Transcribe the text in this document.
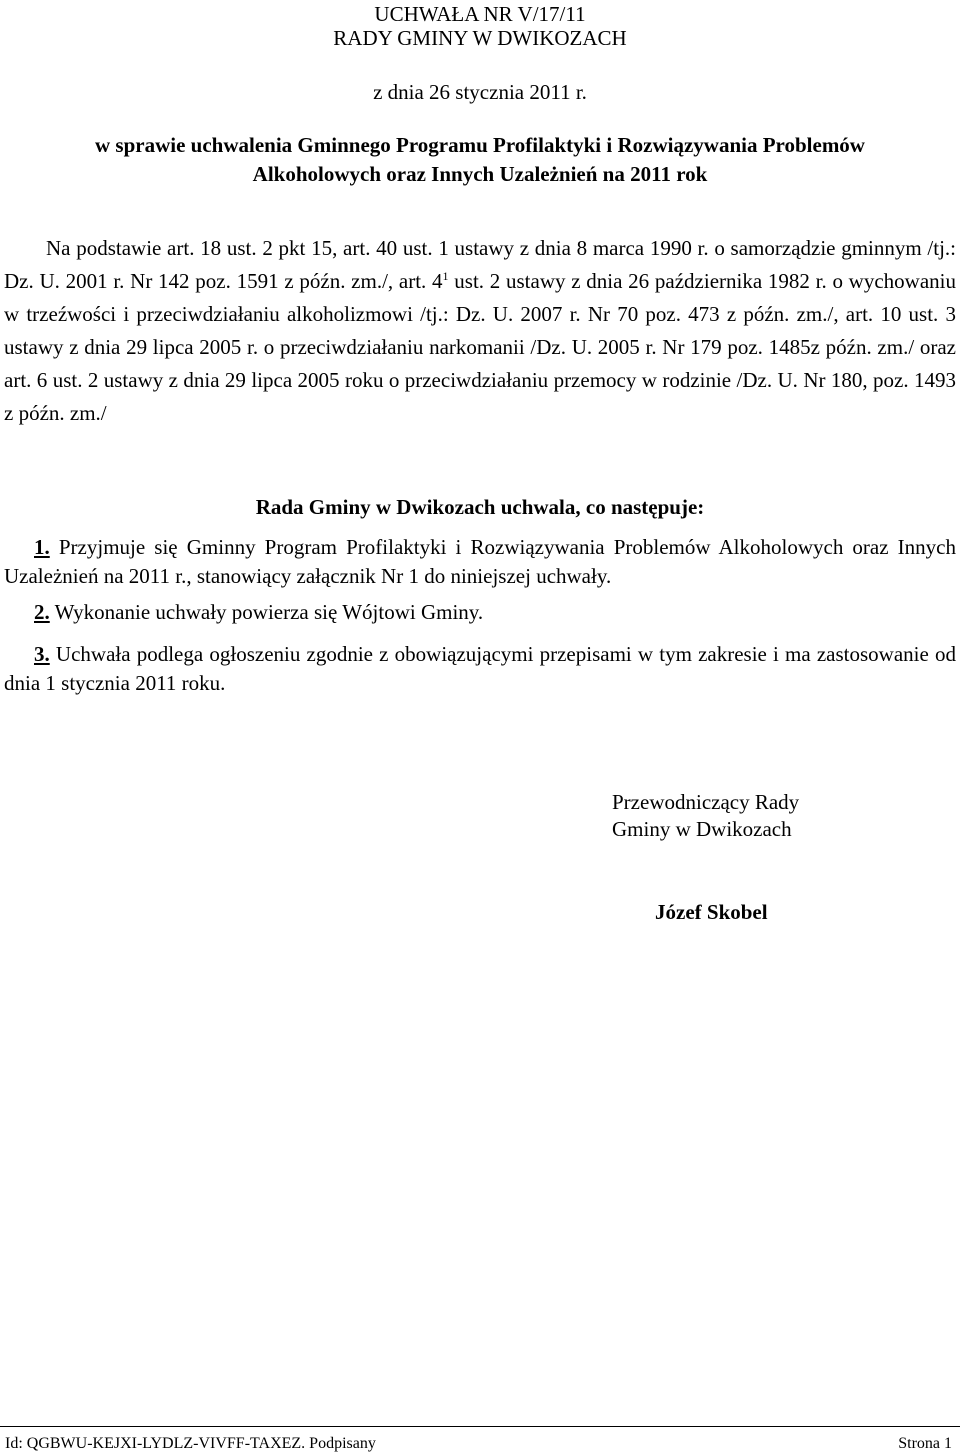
UCHWAŁA NR V/17/11
RADY GMINY W DWIKOZACH
z dnia 26 stycznia 2011 r.
w sprawie uchwalenia Gminnego Programu Profilaktyki i Rozwiązywania Problemów
Alkoholowych oraz Innych Uzależnień na 2011 rok
Na podstawie art. 18 ust. 2 pkt 15, art. 40 ust. 1 ustawy z dnia 8 marca 1990 r. o samorządzie gminnym /tj.: Dz. U. 2001 r. Nr 142 poz. 1591 z późn. zm./, art. $4^1$ ust. 2 ustawy z dnia 26 października 1982 r. o wychowaniu w trzeźwości i przeciwdziałaniu alkoholizmowi /tj.: Dz. U. 2007 r. Nr 70 poz. 473 z późn. zm./, art. 10 ust. 3 ustawy z dnia 29 lipca 2005 r. o przeciwdziałaniu narkomanii /Dz. U. 2005 r. Nr 179 poz. 1485z późn. zm./ oraz art. 6 ust. 2 ustawy z dnia 29 lipca 2005 roku o przeciwdziałaniu przemocy w rodzinie /Dz. U. Nr 180, poz. 1493 z późn. zm./
Rada Gminy w Dwikozach uchwala, co następuje:
1. Przyjmuje się Gminny Program Profilaktyki i Rozwiązywania Problemów Alkoholowych oraz Innych Uzależnień na 2011 r., stanowiący załącznik Nr 1 do niniejszej uchwały.
2. Wykonanie uchwały powierza się Wójtowi Gminy.
3. Uchwała podlega ogłoszeniu zgodnie z obowiązującymi przepisami w tym zakresie i ma zastosowanie od dnia 1 stycznia 2011 roku.
Przewodniczący Rady
Gminy w Dwikozach
Józef Skobel
Id: QGBWU-KEJXI-LYDLZ-VIVFF-TAXEZ. Podpisany	Strona 1
